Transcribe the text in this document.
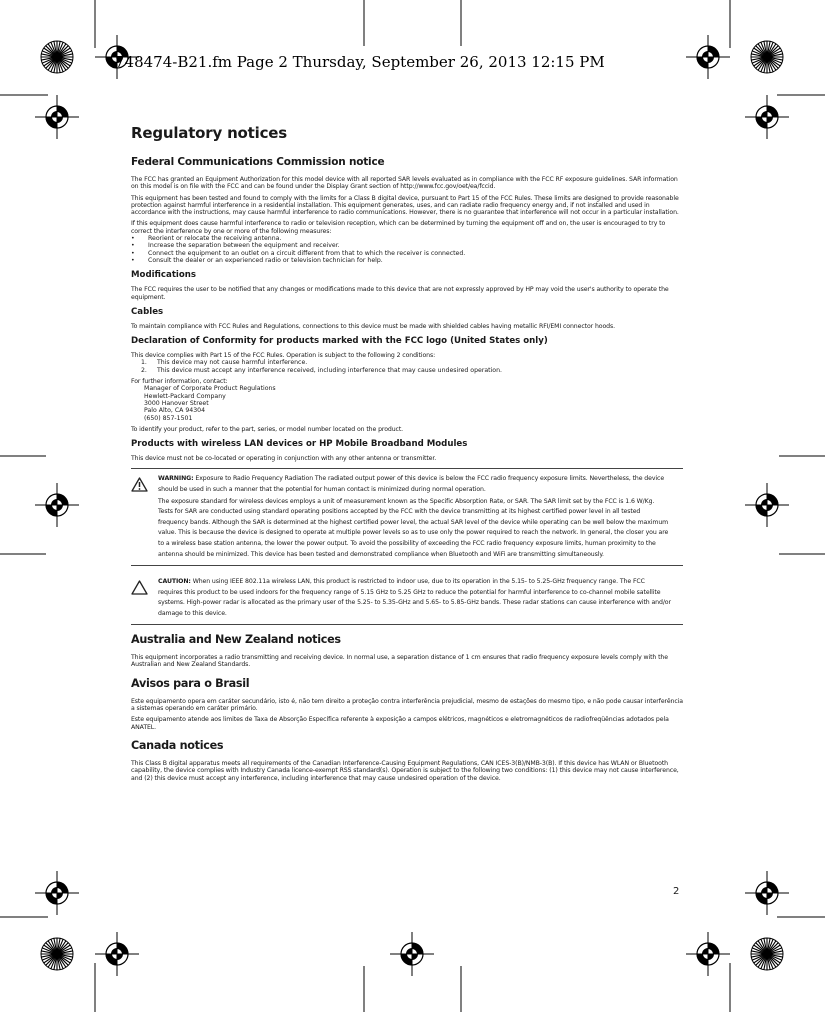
748474-B21.fm Page 2 Thursday, September 26, 2013 12:15 PM
Regulatory notices
Federal Communications Commission notice

The FCC has granted an Equipment Authorization for this model device with all reported SAR levels evaluated as in compliance with the FCC RF exposure guidelines. SAR information on this model is on file with the FCC and can be found under the Display Grant section of http://www.fcc.gov/oet/ea/fccid.

This equipment has been tested and found to comply with the limits for a Class B digital device, pursuant to Part 15 of the FCC Rules. These limits are designed to provide reasonable protection against harmful interference in a residential installation. This equipment generates, uses, and can radiate radio frequency energy and, if not installed and used in accordance with the instructions, may cause harmful interference to radio communications. However, there is no guarantee that interference will not occur in a particular installation.

If this equipment does cause harmful interference to radio or television reception, which can be determined by turning the equipment off and on, the user is encouraged to try to correct the interference by one or more of the following measures:

• Reorient or relocate the receiving antenna.
• Increase the separation between the equipment and receiver.
• Connect the equipment to an outlet on a circuit different from that to which the receiver is connected.
• Consult the dealer or an experienced radio or television technician for help.
Modifications

The FCC requires the user to be notified that any changes or modifications made to this device that are not expressly approved by HP may void the user's authority to operate the equipment.

Cables

To maintain compliance with FCC Rules and Regulations, connections to this device must be made with shielded cables having metallic RFI/EMI connector hoods.

Declaration of Conformity for products marked with the FCC logo (United States only)

This device complies with Part 15 of the FCC Rules. Operation is subject to the following 2 conditions:

1. This device may not cause harmful interference.
2. This device must accept any interference received, including interference that may cause undesired operation.

For further information, contact:

Manager of Corporate Product Regulations
Hewlett-Packard Company
3000 Hanover Street
Palo Alto, CA 94304
(650) 857-1501

To identify your product, refer to the part, series, or model number located on the product.

Products with wireless LAN devices or HP Mobile Broadband Modules

This device must not be co-located or operating in conjunction with any other antenna or transmitter.

WARNING: Exposure to Radio Frequency Radiation The radiated output power of this device is below the FCC radio frequency exposure limits. Nevertheless, the device should be used in such a manner that the potential for human contact is minimized during normal operation.

The exposure standard for wireless devices employs a unit of measurement known as the Specific Absorption Rate, or SAR. The SAR limit set by the FCC is 1.6 W/Kg. Tests for SAR are conducted using standard operating positions accepted by the FCC with the device transmitting at its highest certified power level in all tested frequency bands. Although the SAR is determined at the highest certified power level, the actual SAR level of the device while operating can be well below the maximum value. This is because the device is designed to operate at multiple power levels so as to use only the power required to reach the network. In general, the closer you are to a wireless base station antenna, the lower the power output. To avoid the possibility of exceeding the FCC radio frequency exposure limits, human proximity to the antenna should be minimized. This device has been tested and demonstrated compliance when Bluetooth and WiFi are transmitting simultaneously.

CAUTION: When using IEEE 802.11a wireless LAN, this product is restricted to indoor use, due to its operation in the 5.15- to 5.25-GHz frequency range. The FCC requires this product to be used indoors for the frequency range of 5.15 GHz to 5.25 GHz to reduce the potential for harmful interference to co-channel mobile satellite systems. High-power radar is allocated as the primary user of the 5.25- to 5.35-GHz and 5.65- to 5.85-GHz bands. These radar stations can cause interference with and/or damage to this device.

Australia and New Zealand notices

This equipment incorporates a radio transmitting and receiving device. In normal use, a separation distance of 1 cm ensures that radio frequency exposure levels comply with the Australian and New Zealand Standards.

Avisos para o Brasil

Este equipamento opera em caráter secundário, isto é, não tem direito a proteção contra interferência prejudicial, mesmo de estações do mesmo tipo, e não pode causar interferência a sistemas operando em caráter primário.

Este equipamento atende aos limites de Taxa de Absorção Específica referente à exposição a campos elétricos, magnéticos e eletromagnéticos de radiofreqüências adotados pela ANATEL.

Canada notices

This Class B digital apparatus meets all requirements of the Canadian Interference-Causing Equipment Regulations, CAN ICES-3(B)/NMB-3(B). If this device has WLAN or Bluetooth capability, the device complies with Industry Canada licence-exempt RSS standard(s). Operation is subject to the following two conditions: (1) this device may not cause interference, and (2) this device must accept any interference, including interference that may cause undesired operation of the device.

2
